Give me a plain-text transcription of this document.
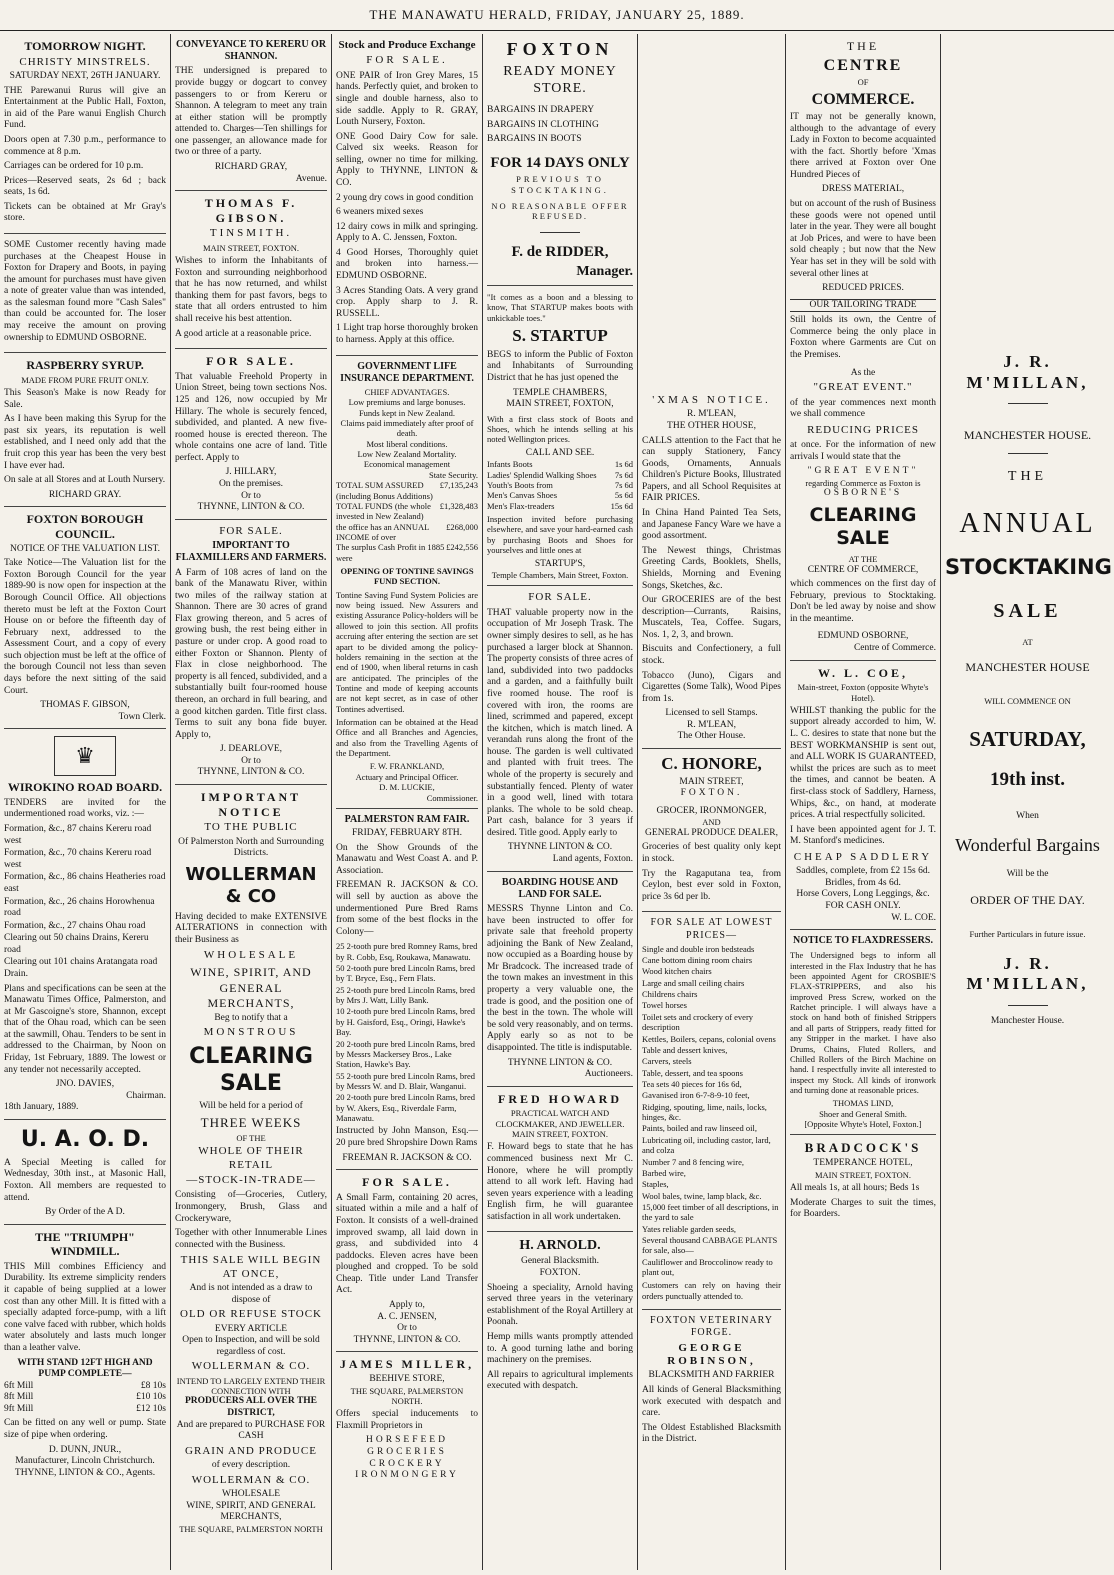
THE MANAWATU HERALD, FRIDAY, JANUARY 25, 1889.
TOMORROW NIGHT.
CHRISTY MINSTRELS.
SATURDAY NEXT, 26TH JANUARY.
THE Parewanui Rurus will give an Entertainment at the Public Hall, Foxton, in aid of the Pare wanui English Church Fund.
Doors open at 7.30 p.m., performance to commence at 8 p.m.
Carriages can be ordered for 10 p.m.
Prices—Reserved seats, 2s 6d ; back seats, 1s 6d.
Tickets can be obtained at Mr Gray's store.
SOME Customer recently having made purchases at the Cheapest House in Foxton for Drapery and Boots, in paying the amount for purchases must have given a note of greater value than was intended, as the salesman found more "Cash Sales" than could be accounted for. The loser may receive the amount on proving ownership to EDMUND OSBORNE.
RASPBERRY SYRUP.
MADE FROM PURE FRUIT ONLY.
This Season's Make is now Ready for Sale.
As I have been making this Syrup for the past six years, its reputation is well established, and I need only add that the fruit crop this year has been the very best I have ever had.
On sale at all Stores and at Louth Nursery.
RICHARD GRAY.
FOXTON BOROUGH COUNCIL.
NOTICE OF THE VALUATION LIST.
Take Notice—The Valuation list for the Foxton Borough Council for the year 1889-90 is now open for inspection at the Borough Council Office. All objections thereto must be left at the Foxton Court House on or before the fifteenth day of February next, addressed to the Assessment Court, and a copy of every such objection must be left at the office of the borough Council not less than seven days before the next sitting of the said Court.
THOMAS F. GIBSON,
Town Clerk.
♛
WIROKINO ROAD BOARD.
TENDERS are invited for the undermentioned road works, viz. :—
Formation, &c., 87 chains Kereru road west
Formation, &c., 70 chains Kereru road west
Formation, &c., 86 chains Heatheries road east
Formation, &c., 26 chains Horowhenua road
Formation, &c., 27 chains Ohau road
Clearing out 50 chains Drains, Kereru road
Clearing out 101 chains Aratangata road Drain.
Plans and specifications can be seen at the Manawatu Times Office, Palmerston, and at Mr Gascoigne's store, Shannon, except that of the Ohau road, which can be seen at the sawmill, Ohau. Tenders to be sent in addressed to the Chairman, by Noon on Friday, 1st February, 1889. The lowest or any tender not necessarily accepted.
JNO. DAVIES,
Chairman.
18th January, 1889.
U. A. O. D.
A Special Meeting is called for Wednesday, 30th inst., at Masonic Hall, Foxton. All members are requested to attend.
By Order of the A D.
THE "TRIUMPH" WINDMILL.
THIS Mill combines Efficiency and Durability. Its extreme simplicity renders it capable of being supplied at a lower cost than any other Mill. It is fitted with a specially adapted force-pump, with a lift cone valve faced with rubber, which holds water absolutely and lasts much longer than a leather valve.
WITH STAND 12FT HIGH AND PUMP COMPLETE—
6ft Mill	£8 10s
8ft Mill	£10 10s
9ft Mill	£12 10s
Can be fitted on any well or pump. State size of pipe when ordering.
D. DUNN, JNUR.,
Manufacturer, Lincoln Christchurch.
THYNNE, LINTON & CO., Agents.
CONVEYANCE TO KERERU OR SHANNON.
THE undersigned is prepared to provide buggy or dogcart to convey passengers to or from Kereru or Shannon. A telegram to meet any train at either station will be promptly attended to. Charges—Ten shillings for one passenger, an allowance made for two or three of a party.
RICHARD GRAY,
Avenue.
THOMAS F. GIBSON.
TINSMITH.
MAIN STREET, FOXTON.
Wishes to inform the Inhabitants of Foxton and surrounding neighborhood that he has now returned, and whilst thanking them for past favors, begs to state that all orders entrusted to him shall receive his best attention.
A good article at a reasonable price.
FOR SALE.
That valuable Freehold Property in Union Street, being town sections Nos. 125 and 126, now occupied by Mr Hillary. The whole is securely fenced, subdivided, and planted. A new five-roomed house is erected thereon. The whole contains one acre of land. Title perfect. Apply to
J. HILLARY,
On the premises.
Or to
THYNNE, LINTON & CO.
FOR SALE.
IMPORTANT TO FLAXMILLERS AND FARMERS.
A Farm of 108 acres of land on the bank of the Manawatu River, within two miles of the railway station at Shannon. There are 30 acres of grand Flax growing thereon, and 5 acres of growing bush, the rest being either in pasture or under crop. A good road to either Foxton or Shannon. Plenty of Flax in close neighborhood. The property is all fenced, subdivided, and a substantially built four-roomed house thereon, an orchard in full bearing, and a good kitchen garden. Title first class. Terms to suit any bona fide buyer. Apply to,
J. DEARLOVE,
Or to
THYNNE, LINTON & CO.
IMPORTANT NOTICE
TO THE PUBLIC
Of Palmerston North and Surrounding Districts.
WOLLERMAN & CO
Having decided to make EXTENSIVE ALTERATIONS in connection with their Business as
WHOLESALE
WINE, SPIRIT, AND
GENERAL MERCHANTS,
Beg to notify that a
MONSTROUS
CLEARING SALE
Will be held for a period of
THREE WEEKS
OF THE
WHOLE OF THEIR RETAIL
—STOCK-IN-TRADE—
Consisting of—Groceries, Cutlery, Ironmongery, Brush, Glass and Crockeryware,
Together with other Innumerable Lines connected with the Business.
THIS SALE WILL BEGIN AT ONCE,
And is not intended as a draw to dispose of
OLD OR REFUSE STOCK
EVERY ARTICLE
Open to Inspection, and will be sold regardless of cost.
WOLLERMAN & CO.
INTEND TO LARGELY EXTEND THEIR CONNECTION WITH
PRODUCERS ALL OVER THE DISTRICT,
And are prepared to PURCHASE FOR CASH
GRAIN AND PRODUCE
of every description.
WOLLERMAN & CO.
WHOLESALE
WINE, SPIRIT, AND GENERAL MERCHANTS,
THE SQUARE, PALMERSTON NORTH
Stock and Produce Exchange
FOR SALE.
ONE PAIR of Iron Grey Mares, 15 hands. Perfectly quiet, and broken to single and double harness, also to side saddle. Apply to R. GRAY, Louth Nursery, Foxton.
ONE Good Dairy Cow for sale. Calved six weeks. Reason for selling, owner no time for milking. Apply to THYNNE, LINTON & CO.
2 young dry cows in good condition
6 weaners mixed sexes
12 dairy cows in milk and springing. Apply to A. C. Jenssen, Foxton.
4 Good Horses, Thoroughly quiet and broken into harness.—EDMUND OSBORNE.
3 Acres Standing Oats. A very grand crop. Apply sharp to J. R. RUSSELL.
1 Light trap horse thoroughly broken to harness. Apply at this office.
GOVERNMENT LIFE INSURANCE DEPARTMENT.
CHIEF ADVANTAGES.
Low premiums and large bonuses.
Funds kept in New Zealand.
Claims paid immediately after proof of death.
Most liberal conditions.
Low New Zealand Mortality.
Economical management
State Security.
TOTAL SUM ASSURED (including Bonus Additions)
£7,135,243
TOTAL FUNDS (the whole invested in New Zealand)
£1,328,483
the office has an ANNUAL INCOME of over
£268,000
The surplus Cash Profit in 1885 were
£242,556
OPENING OF TONTINE SAVINGS FUND SECTION.
Tontine Saving Fund System Policies are now being issued. New Assurers and existing Assurance Policy-holders will be allowed to join this section. All profits accruing after entering the section are set apart to be divided among the policy-holders remaining in the section at the end of 1900, when liberal returns in cash are anticipated. The principles of the Tontine and mode of keeping accounts are not kept secret, as in case of other Tontines advertised.
Information can be obtained at the Head Office and all Branches and Agencies, and also from the Travelling Agents of the Department.
F. W. FRANKLAND,
Actuary and Principal Officer.
D. M. LUCKIE,
Commissioner.
PALMERSTON RAM FAIR.
FRIDAY, FEBRUARY 8TH.
On the Show Grounds of the Manawatu and West Coast A. and P. Association.
FREEMAN R. JACKSON & CO. will sell by auction as above the undermentioned Pure Bred Rams from some of the best flocks in the Colony—
25 2-tooth pure bred Romney Rams, bred by R. Cobb, Esq, Roukawa, Manawatu.
50 2-tooth pure bred Lincoln Rams, bred by T. Bryce, Esq., Fern Flats.
25 2-tooth pure bred Lincoln Rams, bred by Mrs J. Watt, Lilly Bank.
10 2-tooth pure bred Lincoln Rams, bred by H. Gaisford, Esq., Oringi, Hawke's Bay.
20 2-tooth pure bred Lincoln Rams, bred by Messrs Mackersey Bros., Lake Station, Hawke's Bay.
55 2-tooth pure bred Lincoln Rams, bred by Messrs W. and D. Blair, Wanganui.
20 2-tooth pure bred Lincoln Rams, bred by W. Akers, Esq., Riverdale Farm, Manawatu.
Instructed by John Manson, Esq.—20 pure bred Shropshire Down Rams
FREEMAN R. JACKSON & CO.
FOR SALE.
A Small Farm, containing 20 acres, situated within a mile and a half of Foxton. It consists of a well-drained improved swamp, all laid down in grass, and subdivided into 4 paddocks. Eleven acres have been ploughed and cropped. To be sold Cheap. Title under Land Transfer Act.
Apply to,
A. C. JENSEN,
Or to
THYNNE, LINTON & CO.
JAMES MILLER,
BEEHIVE STORE,
THE SQUARE, PALMERSTON NORTH.
Offers special inducements to Flaxmill Proprietors in
HORSEFEED
GROCERIES
CROCKERY
IRONMONGERY
FOXTON
READY MONEY STORE.
BARGAINS IN DRAPERY
BARGAINS IN CLOTHING
BARGAINS IN BOOTS
FOR 14 DAYS ONLY
PREVIOUS TO STOCKTAKING.
NO REASONABLE OFFER REFUSED.
F. de RIDDER,
Manager.
"It comes as a boon and a blessing to know, That STARTUP makes boots with unkickable toes."
S. STARTUP
BEGS to inform the Public of Foxton and Inhabitants of Surrounding District that he has just opened the
TEMPLE CHAMBERS,
MAIN STREET, FOXTON,
With a first class stock of Boots and Shoes, which he intends selling at his noted Wellington prices.
CALL AND SEE.
Infants Boots	1s 6d
Ladies' Splendid Walking Shoes 7s 6d
Youth's Boots from	7s 6d
Men's Canvas Shoes	5s 6d
Men's Flax-treaders	15s 6d
Inspection invited before purchasing elsewhere, and save your hard-earned cash by purchasing Boots and Shoes for yourselves and little ones at
STARTUP'S,
Temple Chambers, Main Street, Foxton.
FOR SALE.
THAT valuable property now in the occupation of Mr Joseph Trask. The owner simply desires to sell, as he has purchased a larger block at Shannon. The property consists of three acres of land, subdivided into two paddocks and a garden, and a faithfully built five roomed house. The roof is covered with iron, the rooms are lined, scrimmed and papered, except the kitchen, which is match lined. A verandah runs along the front of the house. The garden is well cultivated and planted with fruit trees. The whole of the property is securely and substantially fenced. Plenty of water in a good well, lined with totara planks. The whole to be sold cheap. Part cash, balance for 3 years if desired. Title good. Apply early to
THYNNE LINTON & CO.
Land agents, Foxton.
BOARDING HOUSE AND LAND FOR SALE.
MESSRS Thynne Linton and Co. have been instructed to offer for private sale that freehold property adjoining the Bank of New Zealand, now occupied as a Boarding house by Mr Bradcock. The increased trade of the town makes an investment in this property a very valuable one, the trade is good, and the position one of the best in the town. The whole will be sold very reasonably, and on terms. Apply early so as not to be disappointed. The title is indisputable.
THYNNE LINTON & CO.
Auctioneers.
FRED HOWARD
PRACTICAL WATCH AND CLOCKMAKER, AND JEWELLER.
MAIN STREET, FOXTON.
F. Howard begs to state that he has commenced business next Mr C. Honore, where he will promptly attend to all work left. Having had seven years experience with a leading English firm, he will guarantee satisfaction in all work undertaken.
H. ARNOLD.
General Blacksmith.
FOXTON.
Shoeing a speciality, Arnold having served three years in the veterinary establishment of the Royal Artillery at Poonah.
Hemp mills wants promptly attended to. A good turning lathe and boring machinery on the premises.
All repairs to agricultural implements executed with despatch.
'XMAS NOTICE.
R. M'LEAN,
THE OTHER HOUSE,
CALLS attention to the Fact that he can supply Stationery, Fancy Goods, Ornaments, Annuals Children's Picture Books, Illustrated Papers, and all School Requisites at FAIR PRICES.
In China Hand Painted Tea Sets, and Japanese Fancy Ware we have a good assortment.
The Newest things, Christmas Greeting Cards, Booklets, Shells, Shields, Morning and Evening Songs, Sketches, &c.
Our GROCERIES are of the best description—Currants, Raisins, Muscatels, Tea, Coffee. Sugars, Nos. 1, 2, 3, and brown.
Biscuits and Confectionery, a full stock.
Tobacco (Juno), Cigars and Cigarettes (Some Talk), Wood Pipes from 1s.
Licensed to sell Stamps.
R. M'LEAN,
The Other House.
C. HONORE,
MAIN STREET,
FOXTON.
GROCER, IRONMONGER,
AND
GENERAL PRODUCE DEALER,
Groceries of best quality only kept in stock.
Try the Ragaputana tea, from Ceylon, best ever sold in Foxton, price 3s 6d per lb.
FOR SALE AT LOWEST PRICES—
Single and double iron bedsteads
Cane bottom dining room chairs
Wood kitchen chairs
Large and small ceiling chairs
Childrens chairs
Towel horses
Toilet sets and crockery of every description
Kettles, Boilers, cepans, colonial ovens
Table and dessert knives,
Carvers, steels
Table, dessert, and tea spoons
Tea sets 40 pieces for 16s 6d,
Gavanised iron 6-7-8-9-10 feet,
Ridging, spouting, lime, nails, locks, hinges, &c.
Paints, boiled and raw linseed oil,
Lubricating oil, including castor, lard, and colza
Number 7 and 8 fencing wire,
Barbed wire,
Staples,
Wool bales, twine, lamp black, &c.
15,000 feet timber of all descriptions, in the yard to sale
Yates reliable garden seeds,
Several thousand CABBAGE PLANTS for sale, also—
Cauliflower and Broccolinow ready to plant out,
Customers can rely on having their orders punctually attended to.
FOXTON VETERINARY FORGE.
GEORGE ROBINSON,
BLACKSMITH AND FARRIER
All kinds of General Blacksmithing work executed with despatch and care.
The Oldest Established Blacksmith in the District.
THE
CENTRE
OF
COMMERCE.
IT may not be generally known, although to the advantage of every Lady in Foxton to become acquainted with the fact. Shortly before 'Xmas there arrived at Foxton over One Hundred Pieces of
DRESS MATERIAL,
but on account of the rush of Business these goods were not opened until later in the year. They were all bought at Job Prices, and were to have been sold cheaply ; but now that the New Year has set in they will be sold with several other lines at
REDUCED PRICES.
OUR TAILORING TRADE
Still holds its own, the Centre of Commerce being the only place in Foxton where Garments are Cut on the Premises.
As the
"GREAT EVENT."
of the year commences next month we shall commence
REDUCING PRICES
at once. For the information of new arrivals I would state that the
"GREAT EVENT"
regarding Commerce as Foxton is
OSBORNE'S
CLEARING SALE
AT THE
CENTRE OF COMMERCE,
which commences on the first day of February, previous to Stocktaking. Don't be led away by noise and show in the meantime.
EDMUND OSBORNE,
Centre of Commerce.
W. L. COE,
Main-street, Foxton (opposite Whyte's Hotel).
WHILST thanking the public for the support already accorded to him, W. L. C. desires to state that none but the BEST WORKMANSHIP is sent out, and ALL WORK IS GUARANTEED, whilst the prices are such as to meet the times, and cannot be beaten. A first-class stock of Saddlery, Harness, Whips, &c., on hand, at moderate prices. A trial respectfully solicited.
I have been appointed agent for J. T. M. Stanford's medicines.
CHEAP SADDLERY
Saddles, complete, from £2 15s 6d.
Bridles, from 4s 6d.
Horse Covers, Long Leggings, &c.
FOR CASH ONLY.
W. L. COE.
NOTICE TO FLAXDRESSERS.
The Undersigned begs to inform all interested in the Flax Industry that he has been appointed Agent for CROSBIE'S FLAX-STRIPPERS, and also his improved Press Screw, worked on the Ratchet principle. I will always have a stock on hand both of finished Strippers and all parts of Strippers, ready fitted for any Stripper in the market. I have also Drums, Chains, Fluted Rollers, and Chilled Rollers of the Birch Machine on hand. I respectfully invite all interested to inspect my Stock. All kinds of ironwork and turning done at reasonable prices.
THOMAS LIND,
Shoer and General Smith.
[Opposite Whyte's Hotel, Foxton.]
BRADCOCK'S
TEMPERANCE HOTEL,
MAIN STREET, FOXTON.
All meals 1s, at all hours; Beds 1s
Moderate Charges to suit the times, for Boarders.
J. R. M'MILLAN,
MANCHESTER HOUSE.
THE
ANNUAL
STOCKTAKING
SALE
AT
MANCHESTER HOUSE
WILL COMMENCE ON
SATURDAY,
19th inst.
When
Wonderful Bargains
Will be the
ORDER OF THE DAY.
Further Particulars in future issue.
J. R. M'MILLAN,
Manchester House.
